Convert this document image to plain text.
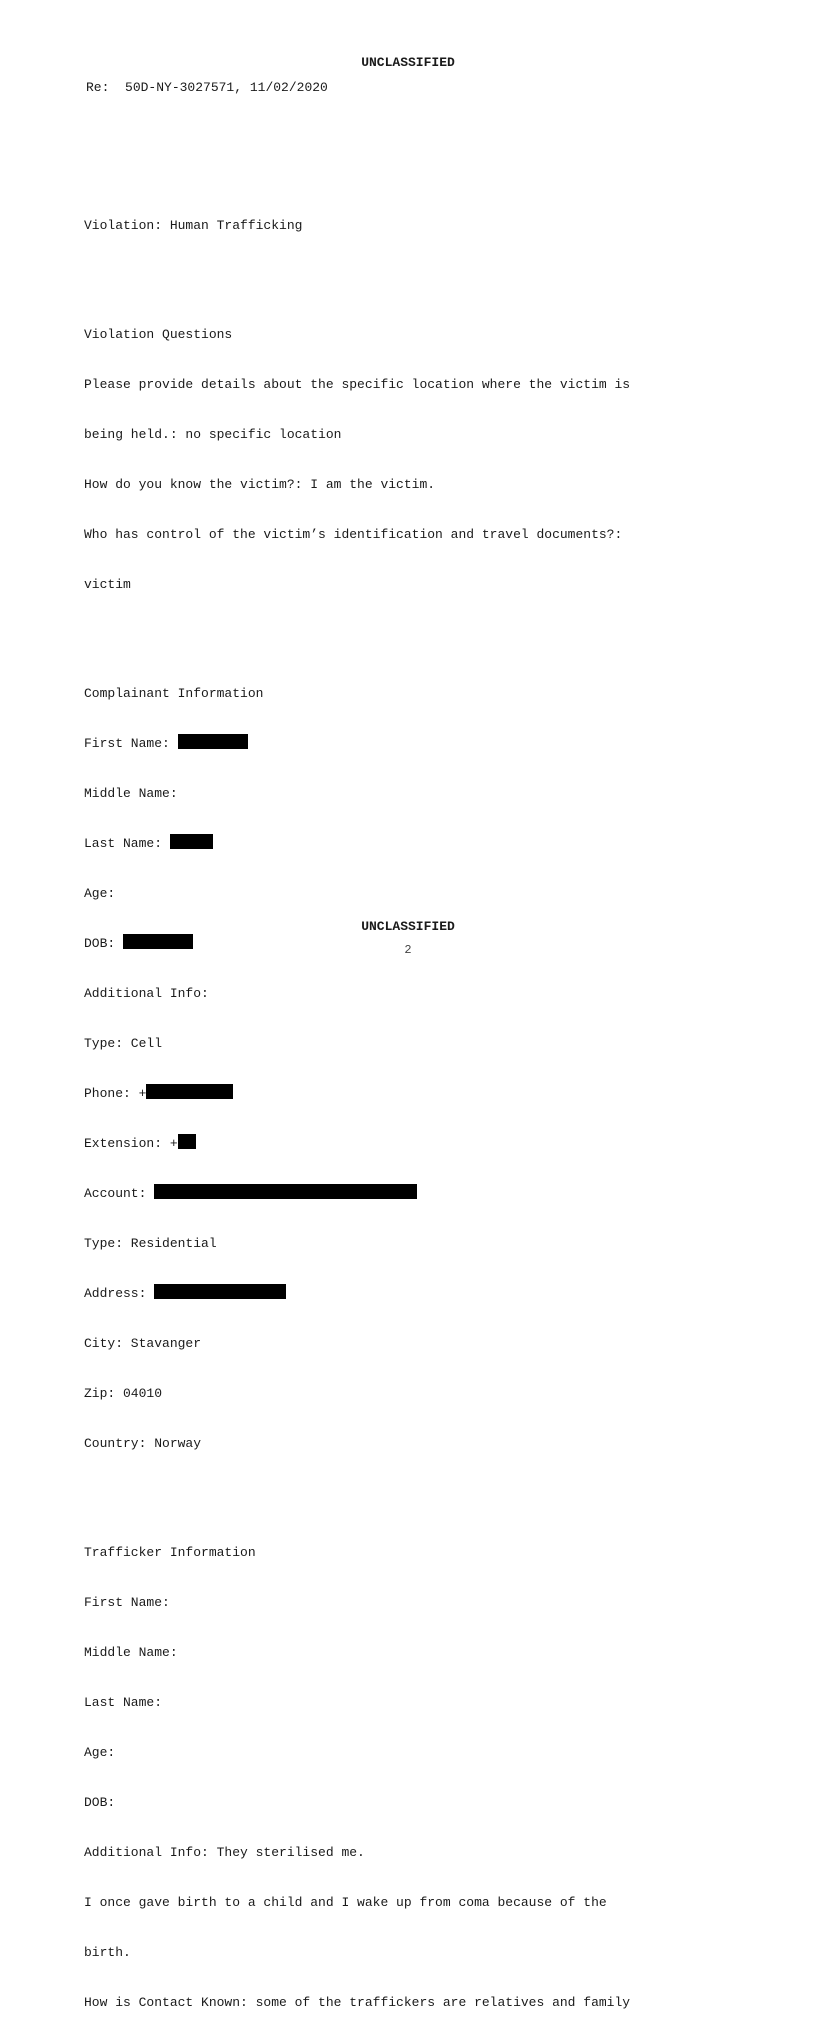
UNCLASSIFIED
Re: 50D-NY-3027571, 11/02/2020

Violation: Human Trafficking

Violation Questions

Please provide details about the specific location where the victim is

being held.: no specific location

How do you know the victim?: I am the victim.

Who has control of the victim’s identification and travel documents?:

victim

Complainant Information

First Name:

Middle Name:

Last Name:

Age:

DOB:

Additional Info:

Type: Cell

Phone: +

Extension: +

Account:

Type: Residential

Address:

City: Stavanger

Zip: 04010

Country: Norway

Trafficker Information

First Name:

Middle Name:

Last Name:

Age:

DOB:

Additional Info: They sterilised me.

I once gave birth to a child and I wake up from coma because of the

birth.

How is Contact Known: some of the traffickers are relatives and family

UNCLASSIFIED
2
